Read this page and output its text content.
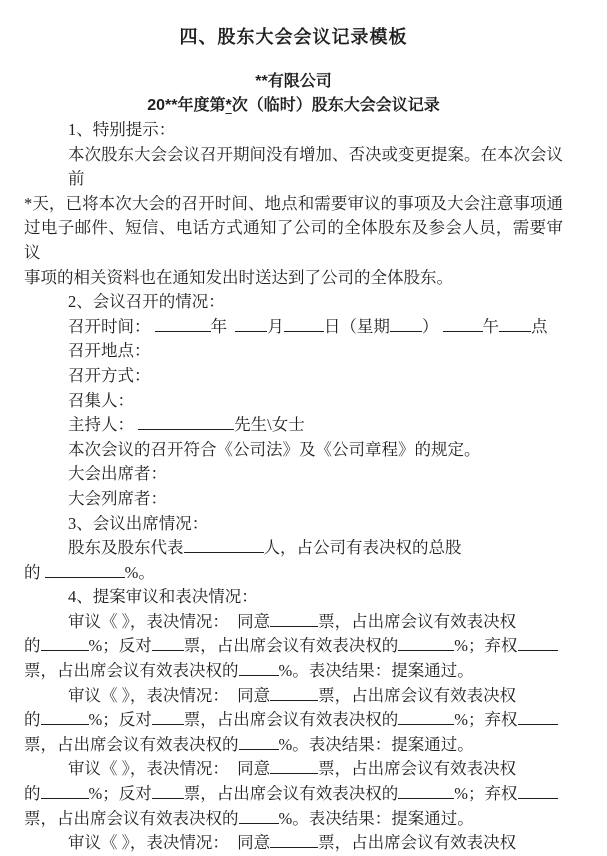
四、股东大会会议记录模板
**有限公司
20**年度第*次（临时）股东大会会议记录
1、特别提示：
本次股东大会会议召开期间没有增加、否决或变更提案。在本次会议前
*天，已将本次大会的召开时间、地点和需要审议的事项及大会注意事项通
过电子邮件、短信、电话方式通知了公司的全体股东及参会人员，需要审议
事项的相关资料也在通知发出时送达到了公司的全体股东。
2、会议召开的情况：
召开时间：	年  月 日（星期 ） 午 点
召开地点：
召开方式：
召集人：
主持人：	先生\女士
本次会议的召开符合《公司法》及《公司章程》的规定。
大会出席者：
大会列席者：
3、会议出席情况：
股东及股东代表	人，占公司有表决权的总股
的	%。
4、提案审议和表决情况：
审议《 》，表决情况：  同意	票，占出席会议有效表决权
的	%；反对 票，占出席会议有效表决权的	%；弃权
票，占出席会议有效表决权的 %。表决结果：提案通过。
审议《 》，表决情况：  同意	票，占出席会议有效表决权
的	%；反对 票，占出席会议有效表决权的	%；弃权
票，占出席会议有效表决权的 %。表决结果：提案通过。
审议《 》，表决情况：  同意	票，占出席会议有效表决权
的	%；反对 票，占出席会议有效表决权的	%；弃权
票，占出席会议有效表决权的 %。表决结果：提案通过。
审议《 》，表决情况：  同意	票，占出席会议有效表决权
